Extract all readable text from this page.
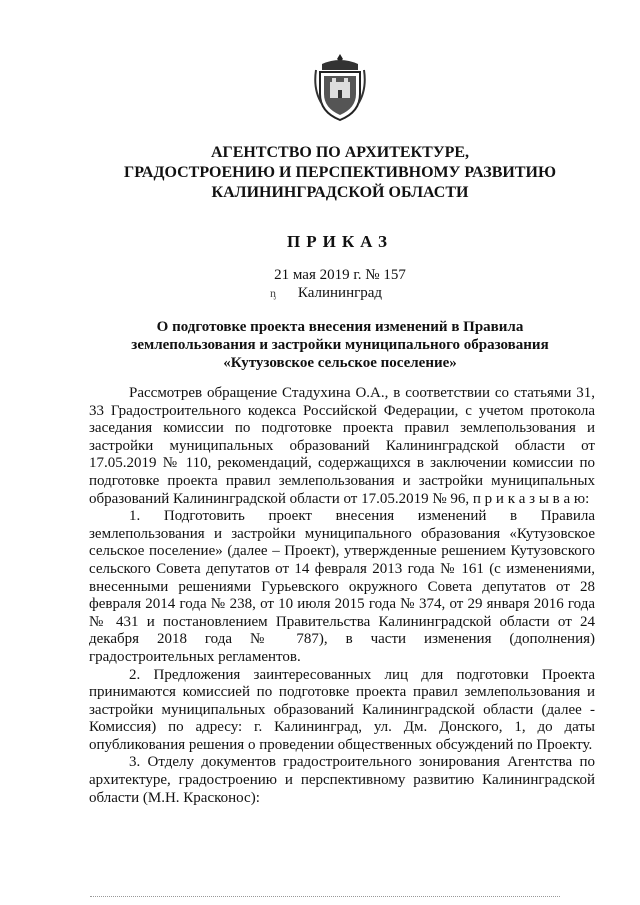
АГЕНТСТВО ПО АРХИТЕКТУРЕ,
ГРАДОСТРОЕНИЮ И ПЕРСПЕКТИВНОМУ РАЗВИТИЮ
КАЛИНИНГРАДСКОЙ ОБЛАСТИ
ПРИКАЗ
21 мая 2019 г. № 157
Калининград
ᶇ
О подготовке проекта внесения изменений в Правила
землепользования и застройки муниципального образования
«Кутузовское сельское поселение»

Рассмотрев обращение Стадухина О.А., в соответствии со статьями 31, 33 Градостроительного кодекса Российской Федерации, с учетом протокола заседания комиссии по подготовке проекта правил землепользования и застройки муниципальных образований Калининградской области от 17.05.2019 № 110, рекомендаций, содержащихся в заключении комиссии по подготовке проекта правил землепользования и застройки муниципальных образований Калининградской области от 17.05.2019 № 96, п р и к а з ы в а ю:

1. Подготовить проект внесения изменений в Правила землепользования и застройки муниципального образования «Кутузовское сельское поселение» (далее – Проект), утвержденные решением Кутузовского сельского Совета депутатов от 14 февраля 2013 года № 161 (с изменениями, внесенными решениями Гурьевского окружного Совета депутатов от 28 февраля 2014 года № 238, от 10 июля 2015 года № 374, от 29 января 2016 года № 431 и постановлением Правительства Калининградской области от 24 декабря 2018 года № 787), в части изменения (дополнения) градостроительных регламентов.

2. Предложения заинтересованных лиц для подготовки Проекта принимаются комиссией по подготовке проекта правил землепользования и застройки муниципальных образований Калининградской области (далее - Комиссия) по адресу: г. Калининград, ул. Дм. Донского, 1, до даты опубликования решения о проведении общественных обсуждений по Проекту.

3. Отделу документов градостроительного зонирования Агентства по архитектуре, градостроению и перспективному развитию Калининградской области (М.Н. Красконос):
